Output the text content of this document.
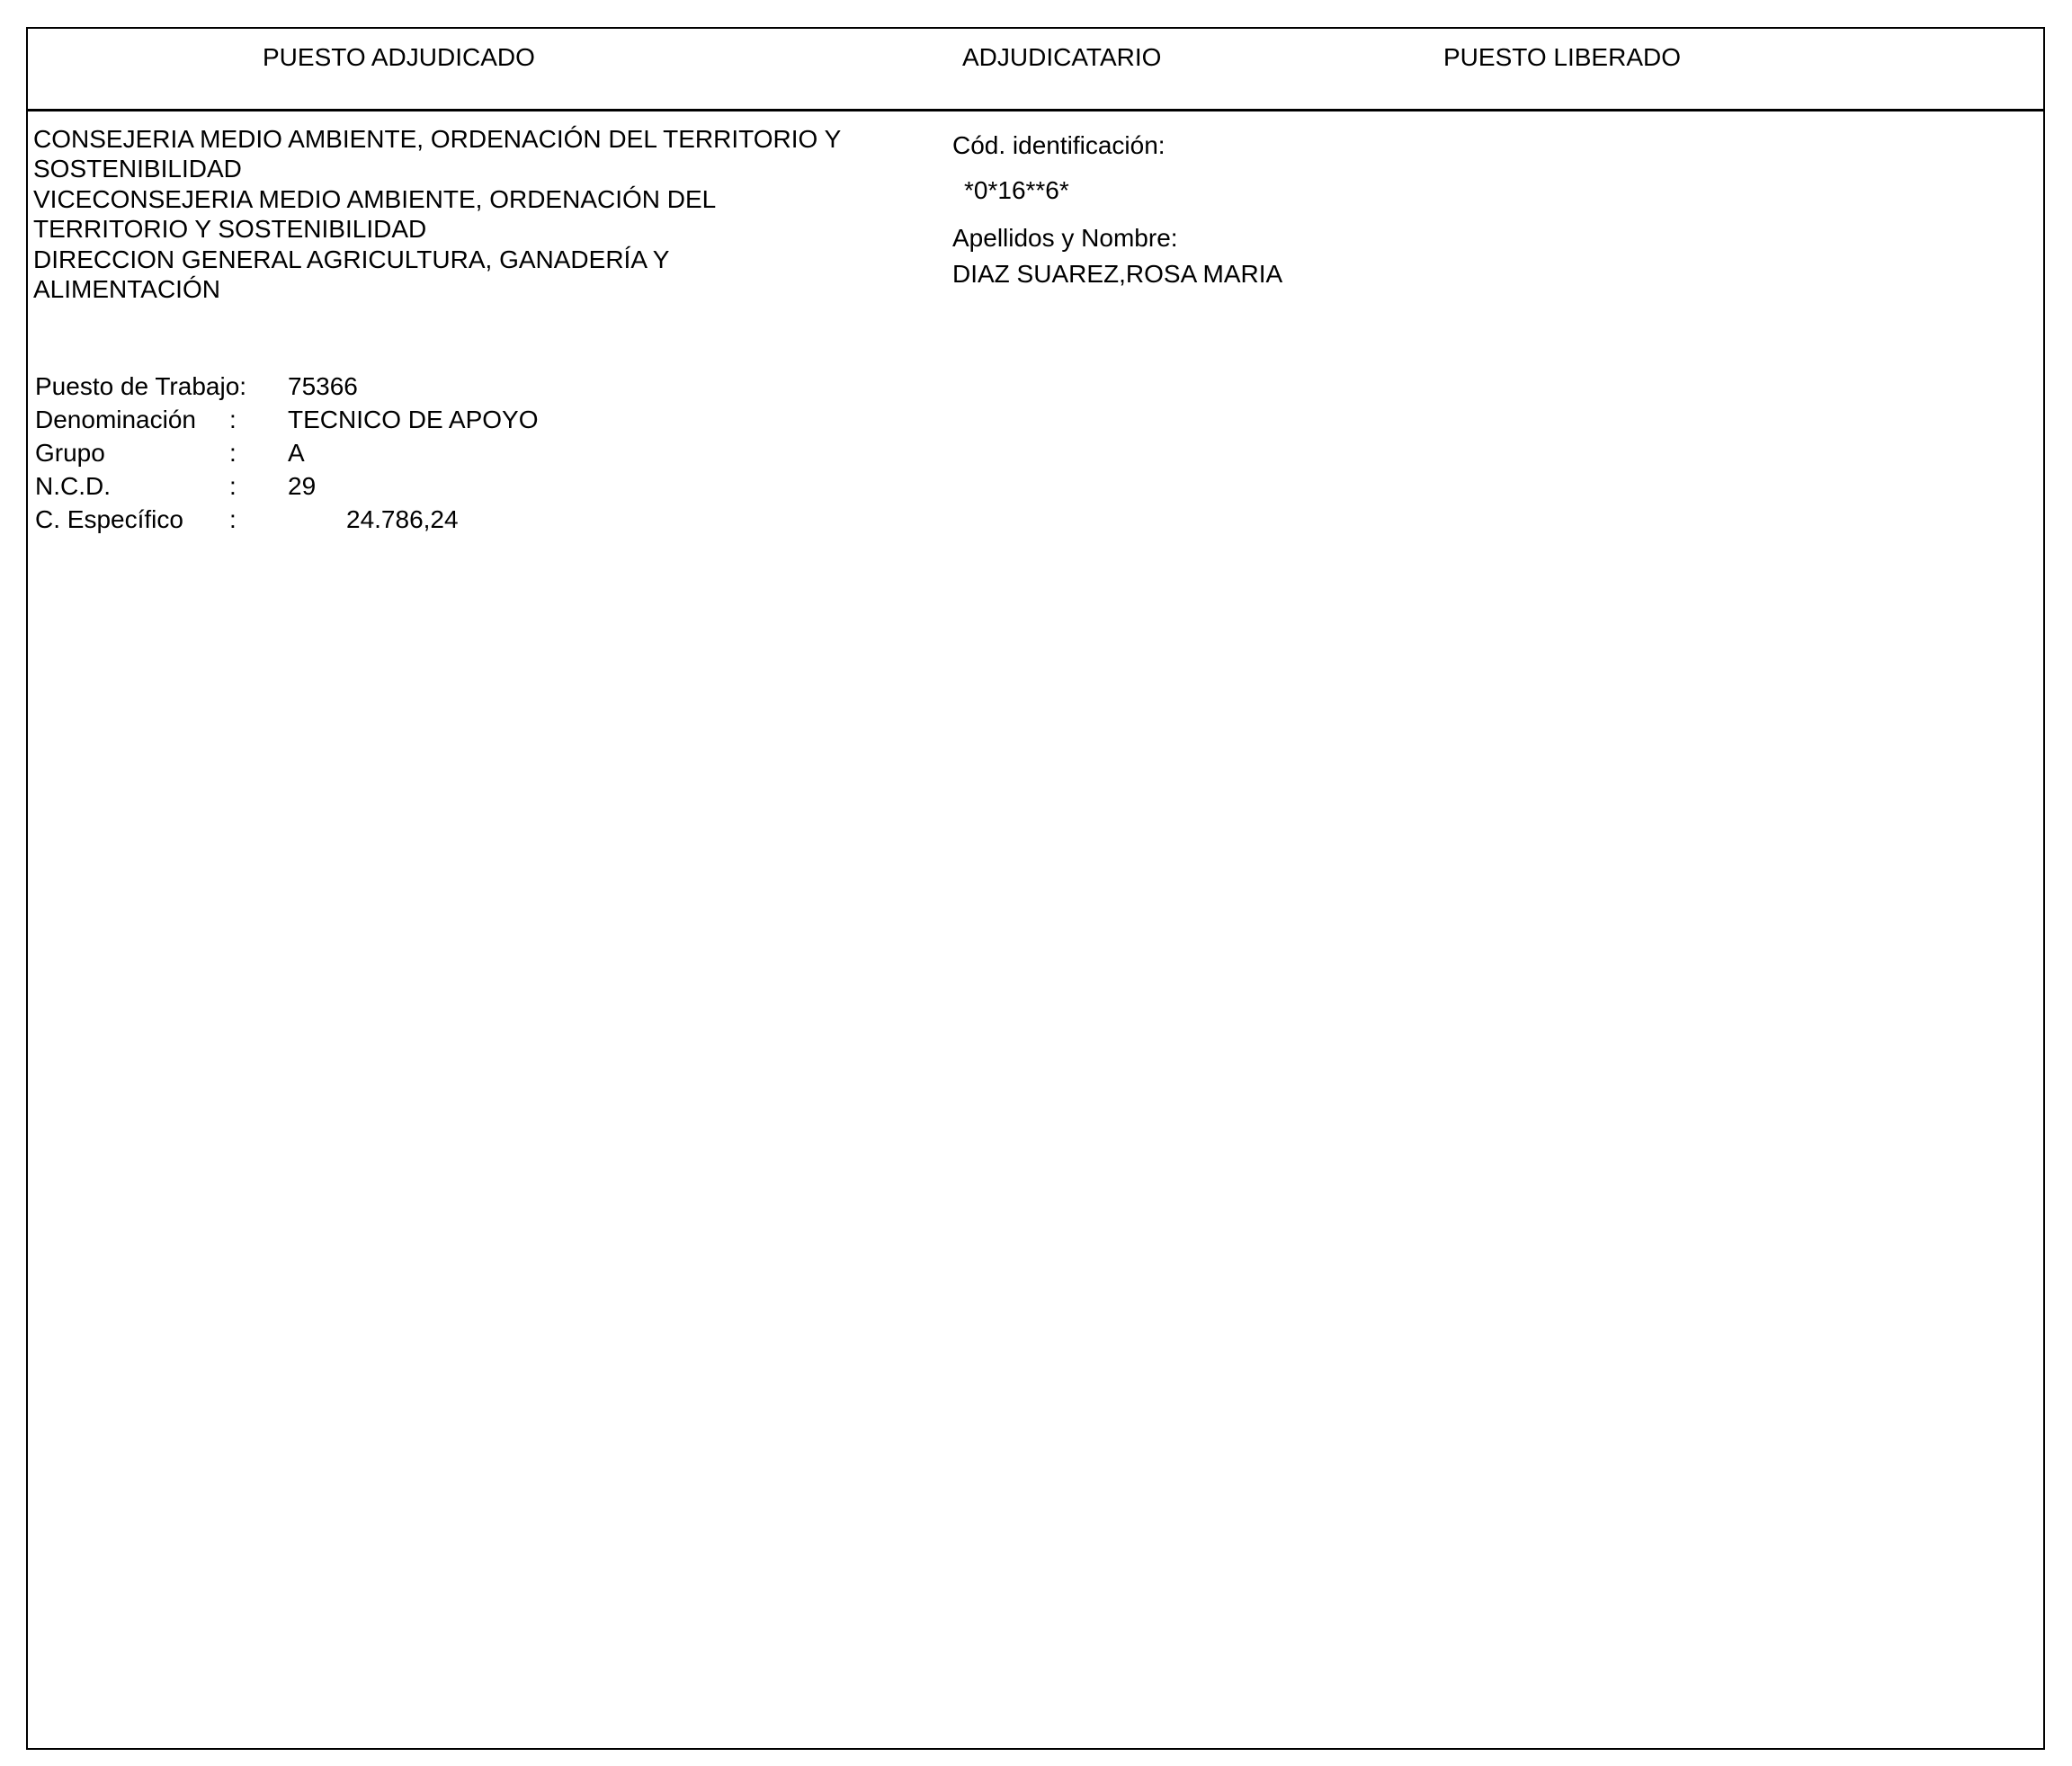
PUESTO ADJUDICADO	ADJUDICATARIO	PUESTO LIBERADO
CONSEJERIA MEDIO AMBIENTE, ORDENACIÓN DEL TERRITORIO Y
SOSTENIBILIDAD
VICECONSEJERIA MEDIO AMBIENTE, ORDENACIÓN DEL
TERRITORIO Y SOSTENIBILIDAD
DIRECCION GENERAL AGRICULTURA, GANADERÍA Y
ALIMENTACIÓN
Puesto de Trabajo: 75366
Denominación	:	TECNICO DE APOYO
Grupo	:	A
N.C.D.	:	29
C. Específico	:	24.786,24
Cód. identificación:
*0*16**6*
Apellidos y Nombre:
DIAZ SUAREZ,ROSA MARIA
